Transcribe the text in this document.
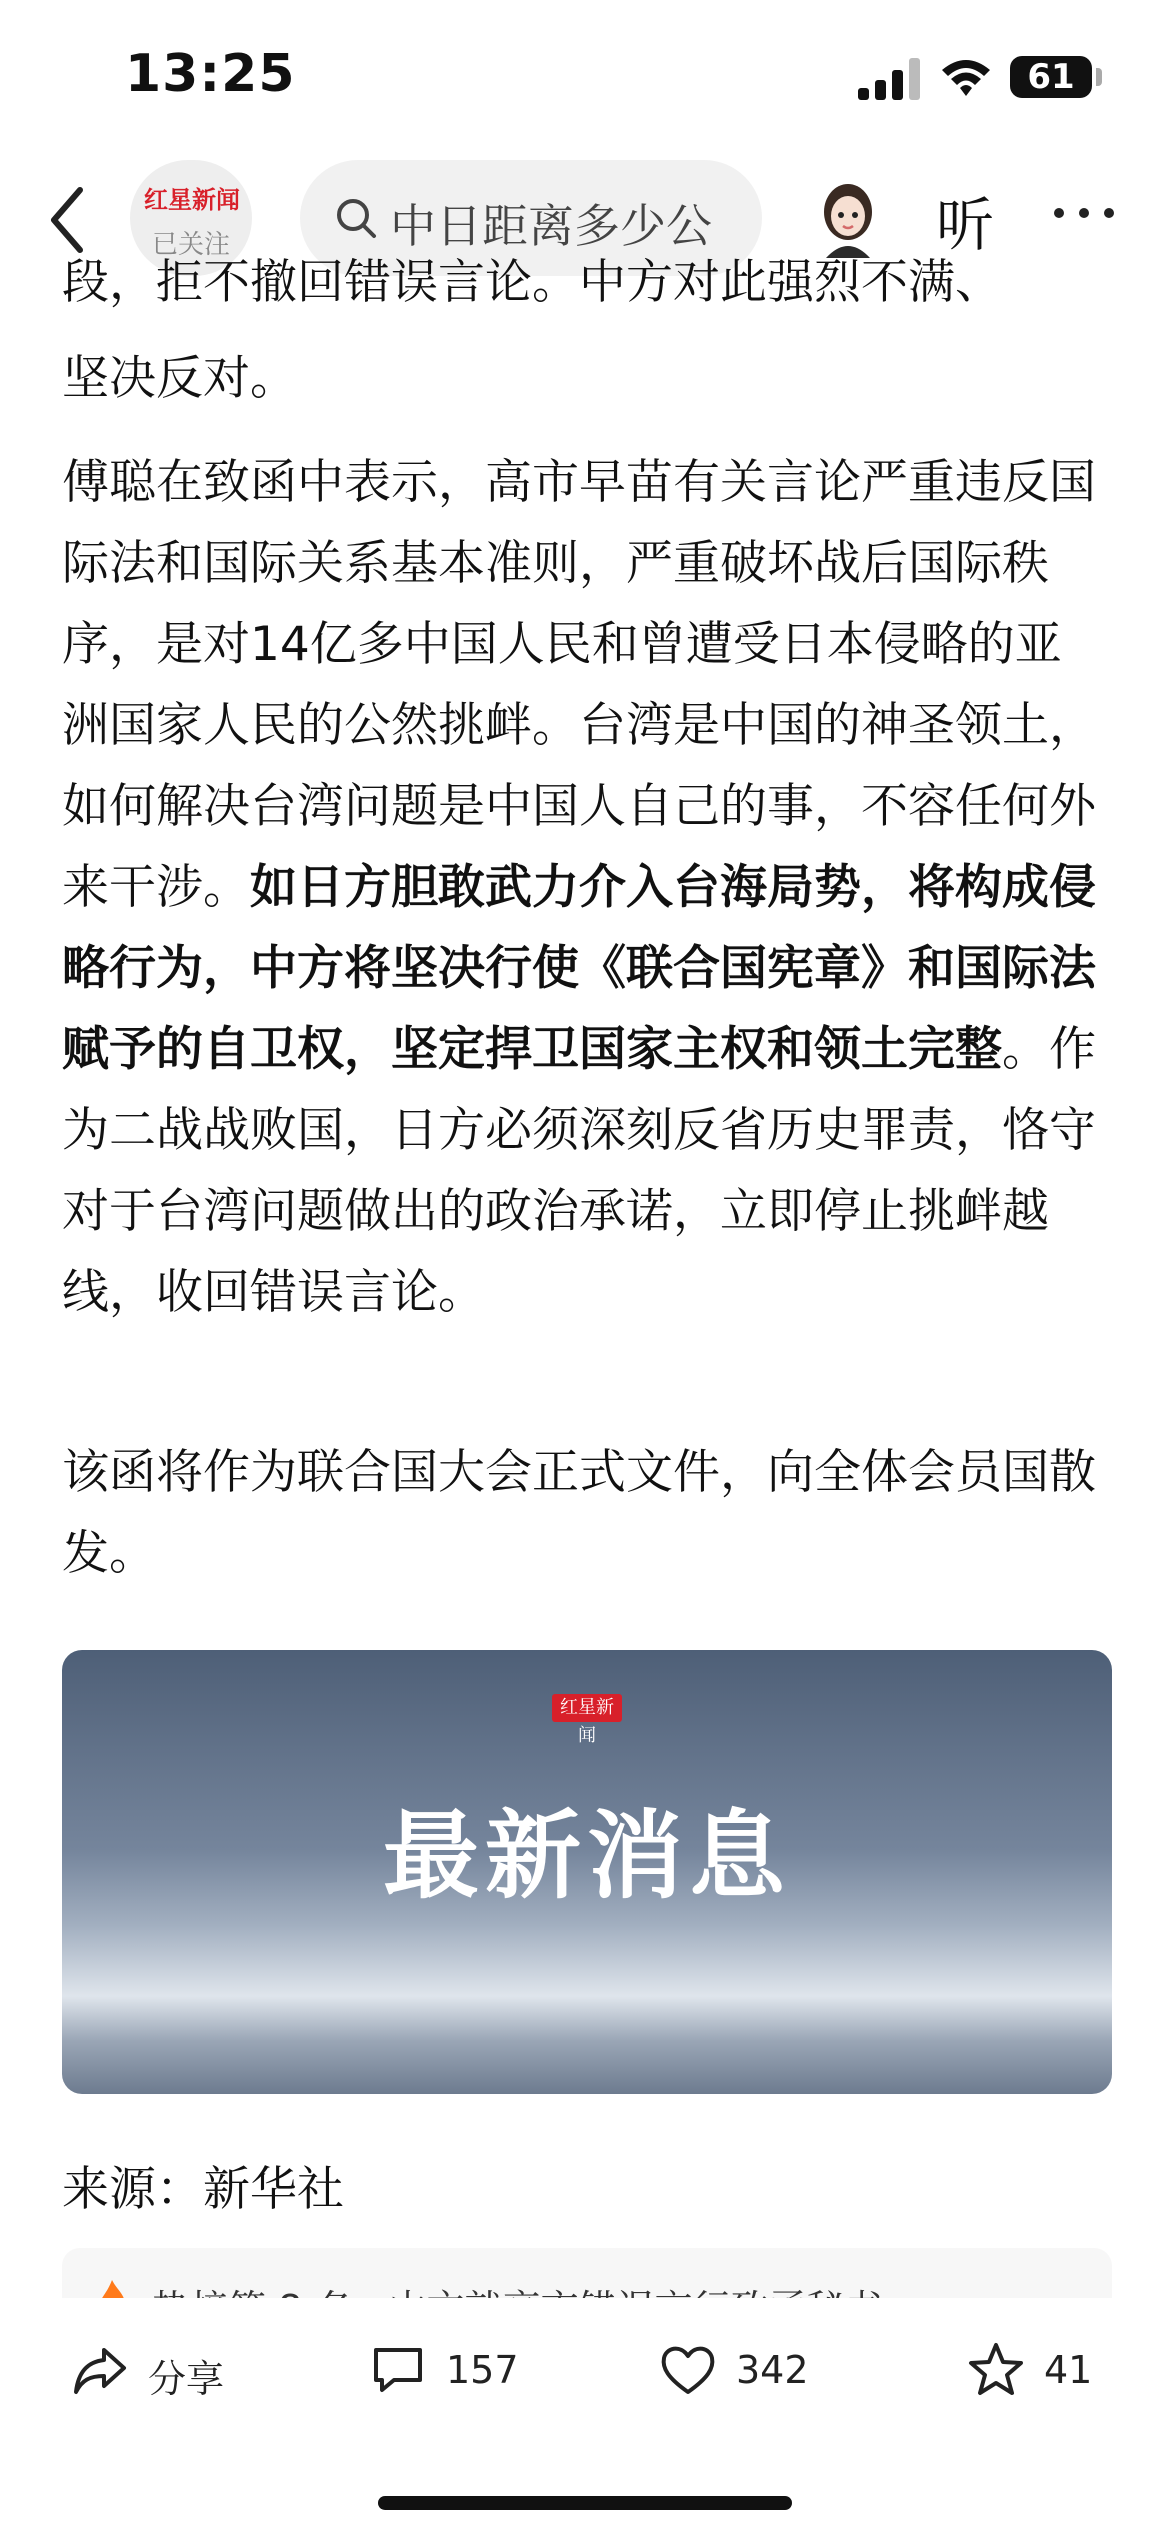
13:25	61
红星新闻
已关注	中日距离多少公	听
段，拒不撤回错误言论。中方对此强烈不满、

坚决反对。

傅聪在致函中表示，高市早苗有关言论严重违反国际法和国际关系基本准则，严重破坏战后国际秩序，是对14亿多中国人民和曾遭受日本侵略的亚洲国家人民的公然挑衅。台湾是中国的神圣领土，如何解决台湾问题是中国人自己的事，不容任何外来干涉。如日方胆敢武力介入台海局势，将构成侵略行为，中方将坚决行使《联合国宪章》和国际法赋予的自卫权，坚定捍卫国家主权和领土完整。作为二战战败国，日方必须深刻反省历史罪责，恪守对于台湾问题做出的政治承诺，立即停止挑衅越线，收回错误言论。

该函将作为联合国大会正式文件，向全体会员国散发。

红星新闻
最新消息
来源：新华社
分享	157	342	41
